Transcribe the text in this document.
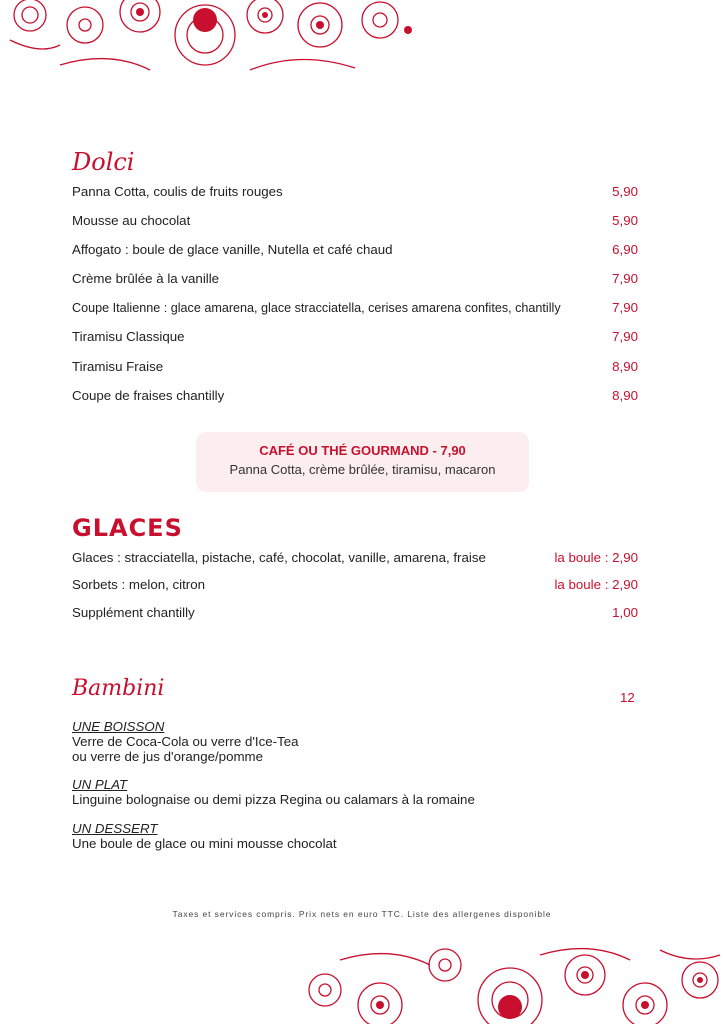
Dolci
Panna Cotta, coulis de fruits rouges	5,90
Mousse au chocolat	5,90
Affogato : boule de glace vanille, Nutella et café chaud	6,90
Crème brûlée à la vanille	7,90
Coupe Italienne : glace amarena, glace stracciatella, cerises amarena confites, chantilly	7,90
Tiramisu Classique	7,90
Tiramisu Fraise	8,90
Coupe de fraises chantilly	8,90
CAFÉ OU THÉ GOURMAND - 7,90
Panna Cotta, crème brûlée, tiramisu, macaron
GLACES
Glaces : stracciatella, pistache, café, chocolat, vanille, amarena, fraise	la boule : 2,90
Sorbets : melon, citron	la boule : 2,90
Supplément chantilly	1,00
Bambini	12
UNE BOISSON
Verre de Coca-Cola ou verre d'Ice-Tea
ou verre de jus d'orange/pomme
UN PLAT
Linguine bolognaise ou demi pizza Regina ou calamars à la romaine
UN DESSERT
Une boule de glace ou mini mousse chocolat
Taxes et services compris. Prix nets en euro TTC. Liste des allergenes disponible
